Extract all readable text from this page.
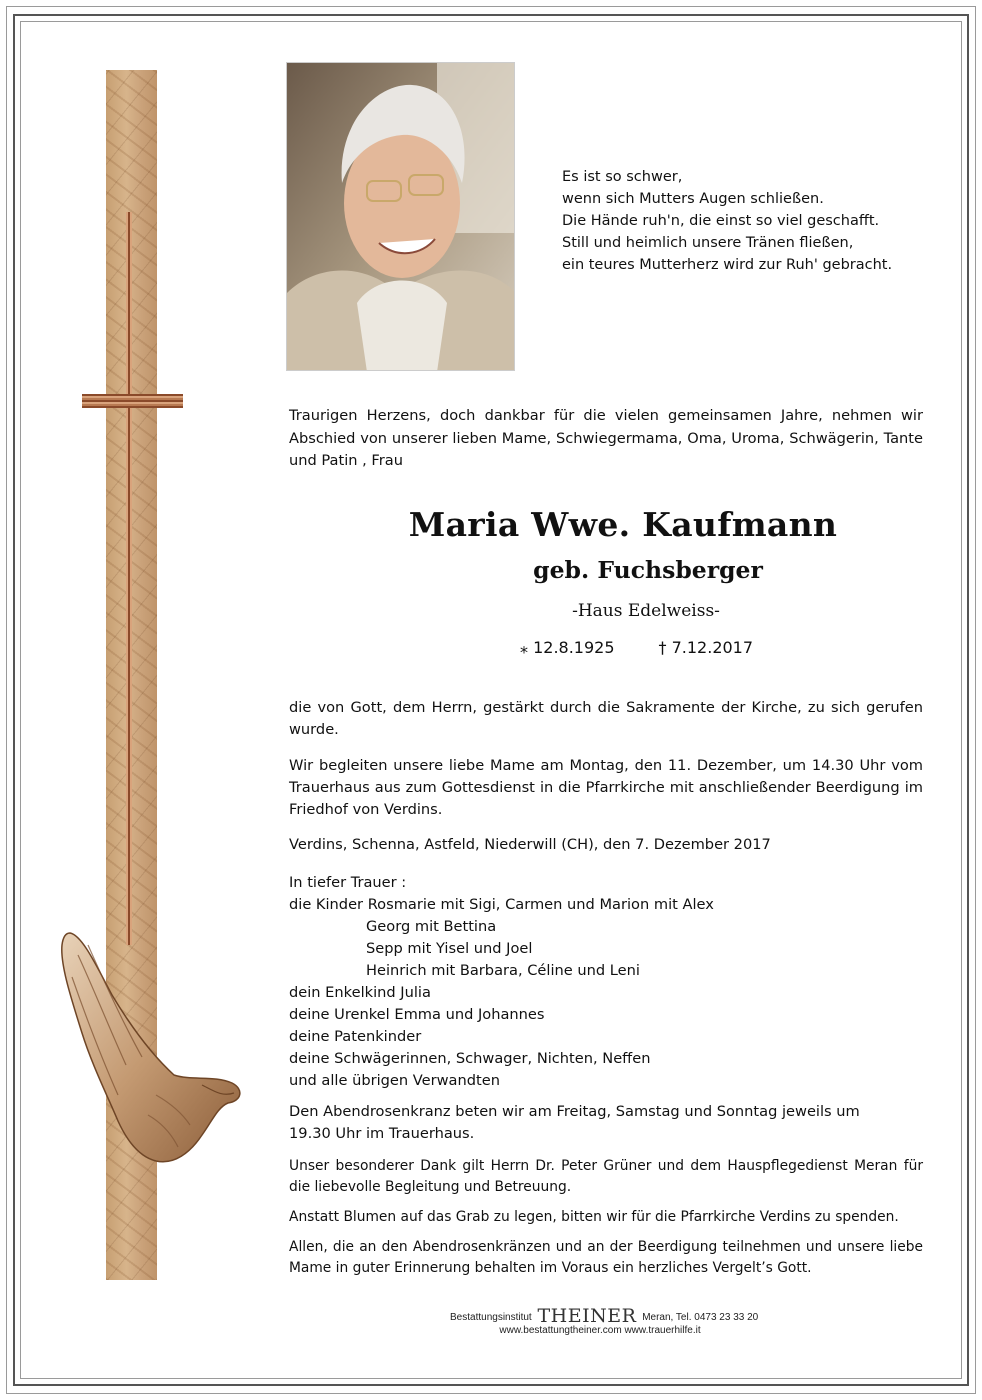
Es ist so schwer,
wenn sich Mutters Augen schließen.
Die Hände ruh'n, die einst so viel geschafft.
Still und heimlich unsere Tränen fließen,
ein teures Mutterherz wird zur Ruh' gebracht.
Traurigen Herzens, doch dankbar für die vielen gemeinsamen Jahre, nehmen wir Abschied von unserer lieben Mame, Schwiegermama, Oma, Uroma, Schwägerin, Tante und Patin , Frau
Maria Wwe. Kaufmann
geb. Fuchsberger
-Haus Edelweiss-
⁎ 12.8.1925	† 7.12.2017
die von Gott, dem Herrn, gestärkt durch die Sakramente der Kirche, zu sich gerufen wurde.
Wir begleiten unsere liebe Mame am Montag, den 11. Dezember, um 14.30 Uhr vom Trauerhaus aus zum Gottesdienst in die Pfarrkirche mit anschließender Beerdigung im Friedhof von Verdins.
Verdins, Schenna, Astfeld, Niederwill (CH), den 7. Dezember 2017
In tiefer Trauer :
die Kinder Rosmarie mit Sigi, Carmen und Marion mit Alex
Georg mit Bettina
Sepp mit Yisel und Joel
Heinrich mit Barbara, Céline und Leni
dein Enkelkind Julia
deine Urenkel Emma und Johannes
deine Patenkinder
deine Schwägerinnen, Schwager, Nichten, Neffen
und alle übrigen Verwandten
Den Abendrosenkranz beten wir am Freitag, Samstag und Sonntag jeweils um 19.30 Uhr im Trauerhaus.
Unser besonderer Dank gilt Herrn Dr. Peter Grüner und dem Hauspflegedienst Meran für die liebevolle Begleitung und Betreuung.
Anstatt Blumen auf das Grab zu legen, bitten wir für die Pfarrkirche Verdins zu spenden.
Allen, die an den Abendrosenkränzen und an der Beerdigung teilnehmen und unsere liebe Mame in guter Erinnerung behalten im Voraus ein herzliches Vergelt’s Gott.
Bestattungsinstitut THEINER Meran, Tel. 0473 23 33 20
www.bestattungtheiner.com www.trauerhilfe.it
